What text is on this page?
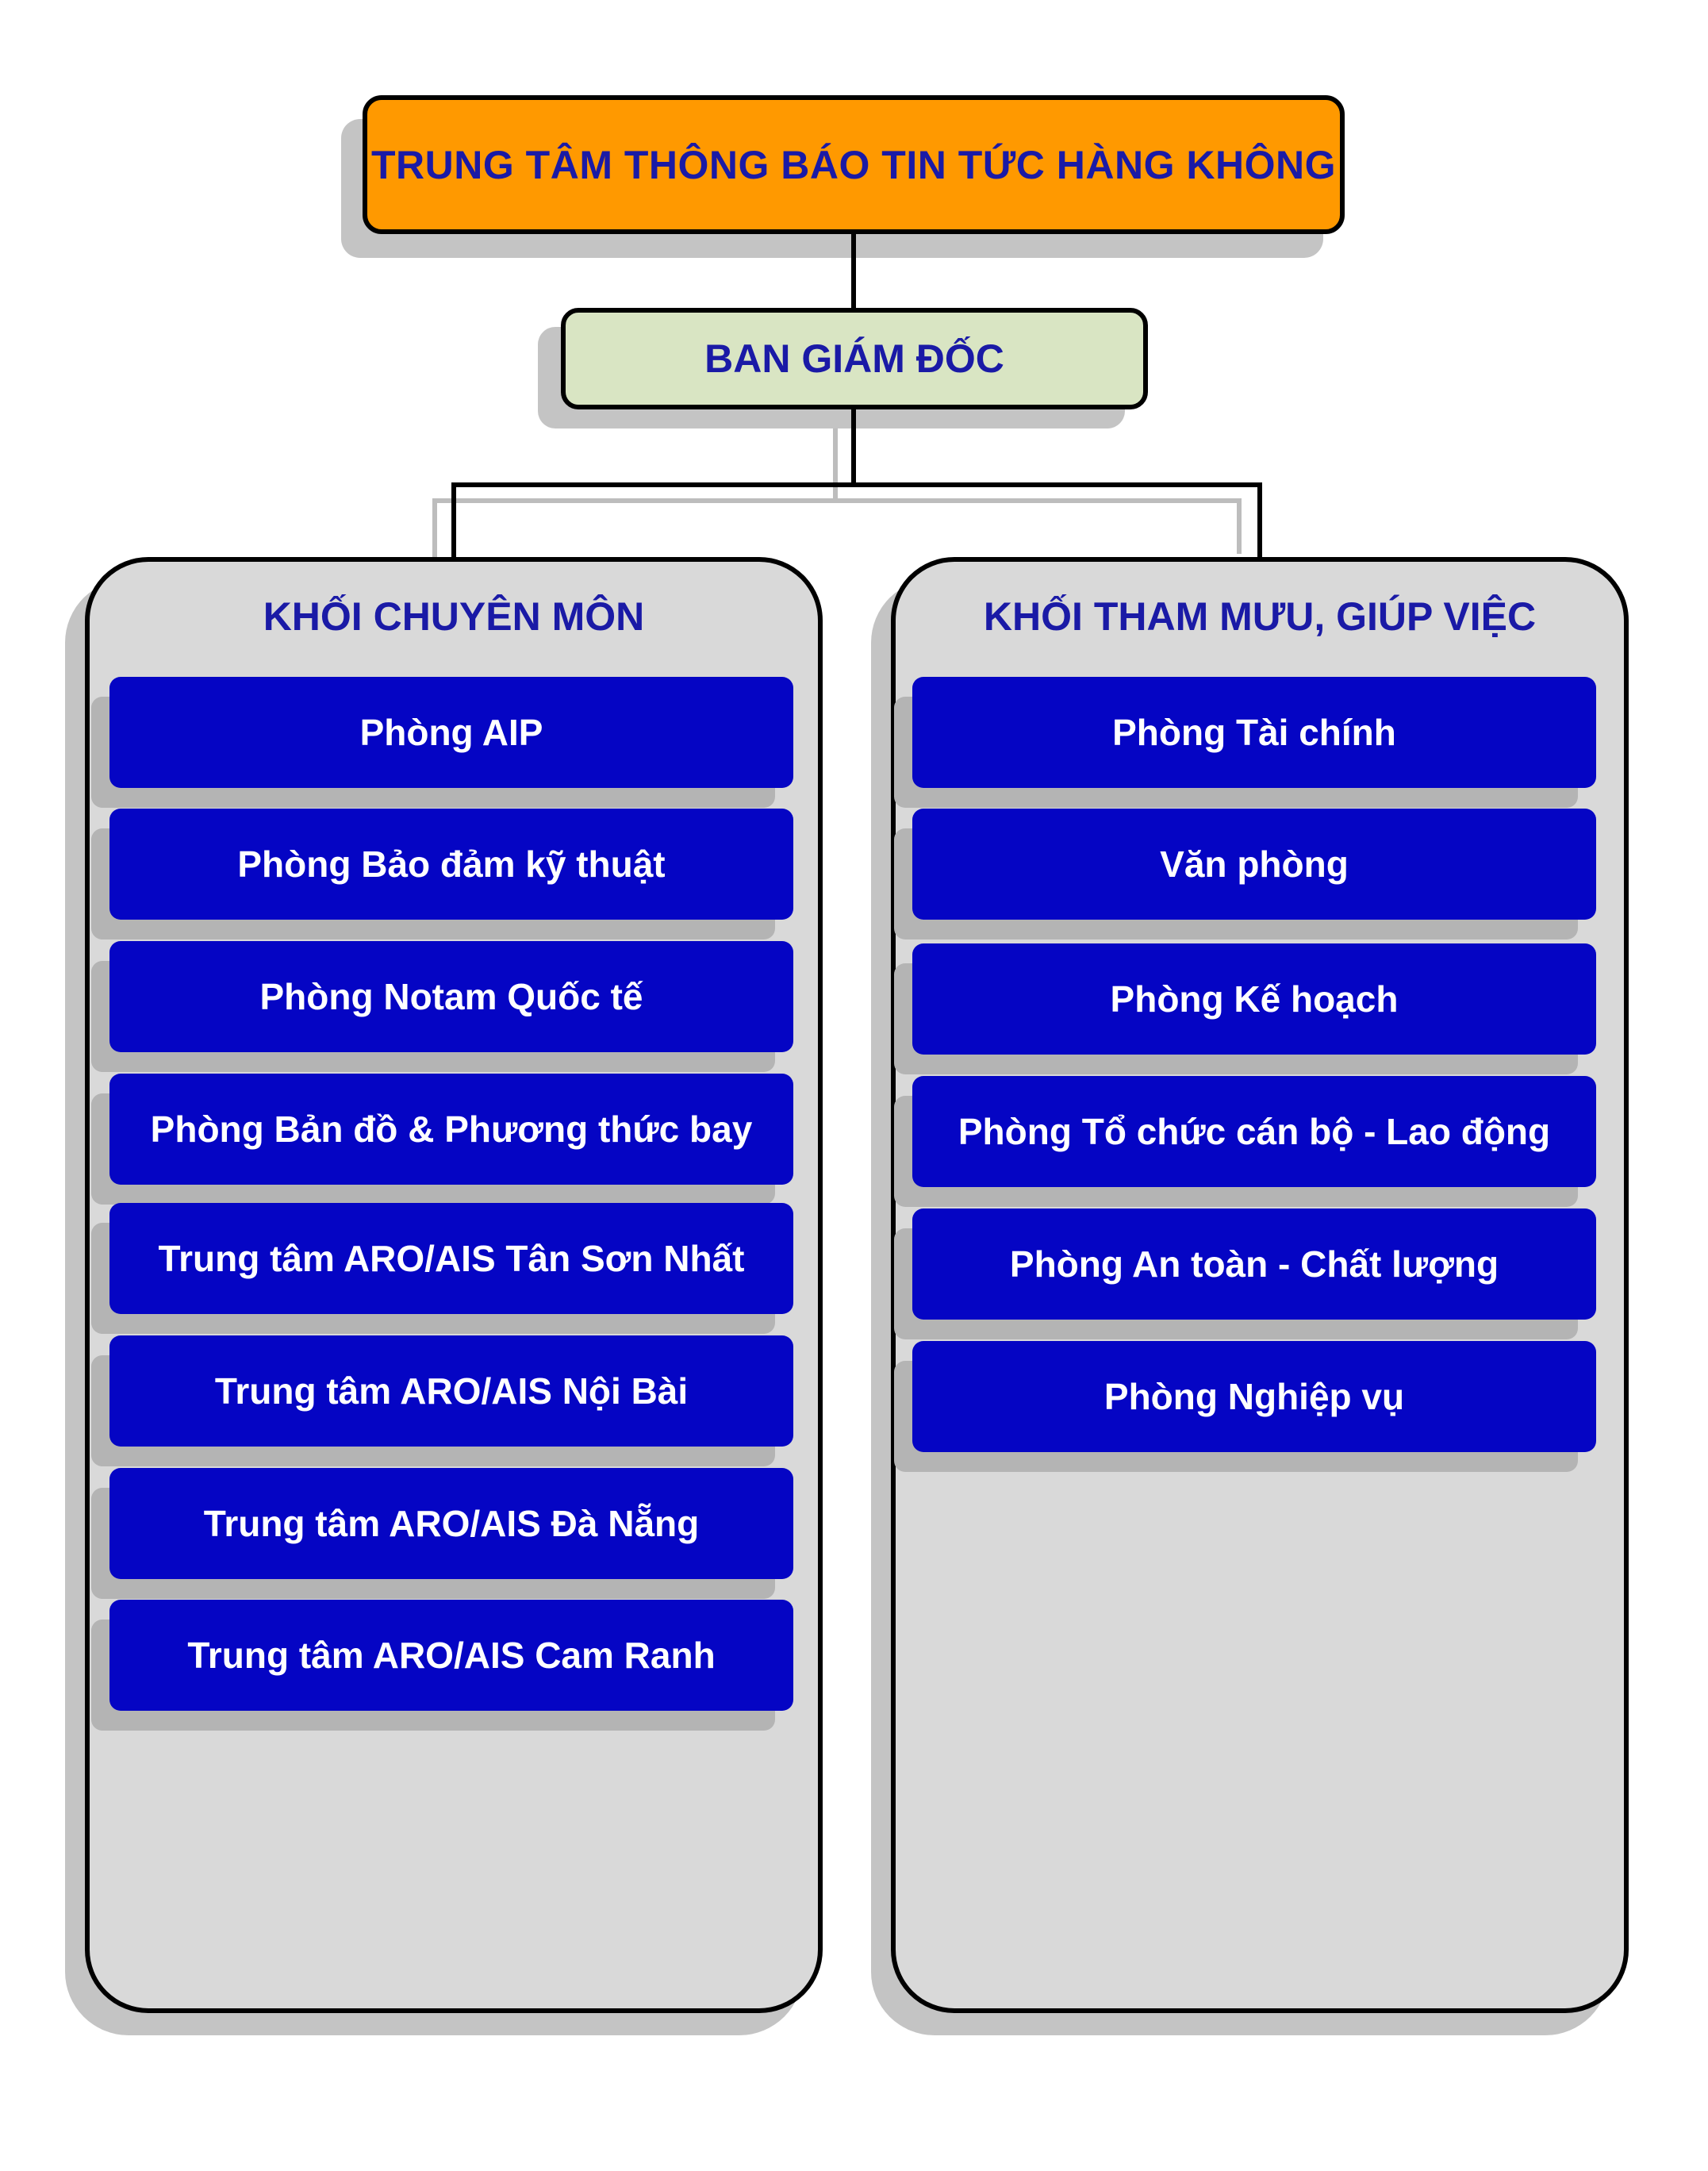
TRUNG TÂM THÔNG BÁO TIN TỨC HÀNG KHÔNG
BAN GIÁM ĐỐC
KHỐI CHUYÊN MÔN	KHỐI THAM MƯU, GIÚP VIỆC
Phòng AIP
Phòng Bảo đảm kỹ thuật
Phòng Notam Quốc tế
Phòng Bản đồ & Phương thức bay
Trung tâm ARO/AIS Tân Sơn Nhất
Trung tâm ARO/AIS Nội Bài
Trung tâm ARO/AIS Đà Nẵng
Trung tâm ARO/AIS Cam Ranh
Phòng Tài chính
Văn phòng
Phòng Kế hoạch
Phòng Tổ chức cán bộ - Lao động
Phòng An toàn - Chất lượng
Phòng Nghiệp vụ
